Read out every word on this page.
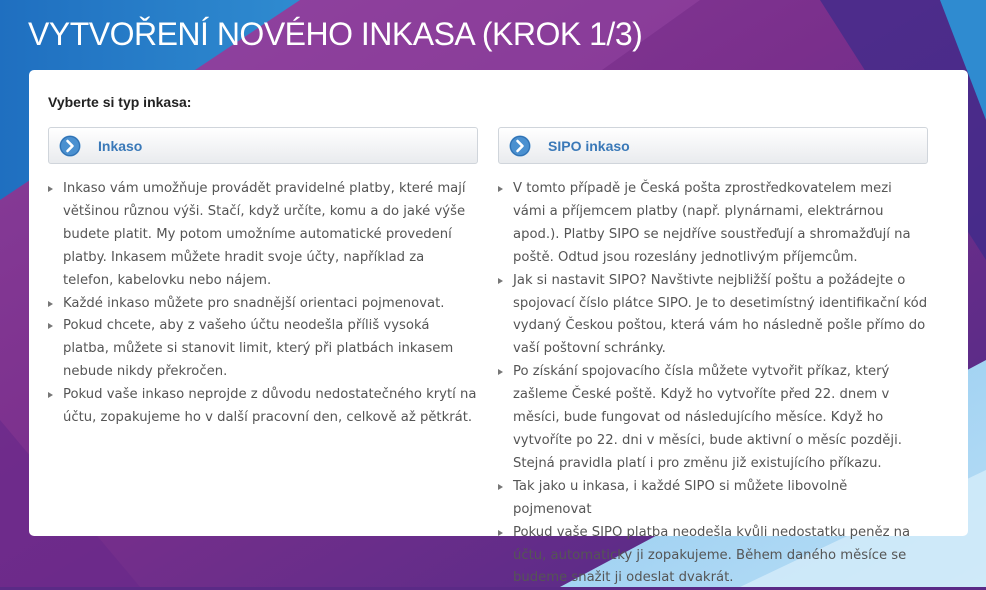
VYTVOŘENÍ NOVÉHO INKASA (KROK 1/3)
Vyberte si typ inkasa:
Inkaso
Inkaso vám umožňuje provádět pravidelné platby, které mají většinou různou výši. Stačí, když určíte, komu a do jaké výše budete platit. My potom umožníme automatické provedení platby. Inkasem můžete hradit svoje účty, například za telefon, kabelovku nebo nájem.
Každé inkaso můžete pro snadnější orientaci pojmenovat.
Pokud chcete, aby z vašeho účtu neodešla příliš vysoká platba, můžete si stanovit limit, který při platbách inkasem nebude nikdy překročen.
Pokud vaše inkaso neprojde z důvodu nedostatečného krytí na účtu, zopakujeme ho v další pracovní den, celkově až pětkrát.
SIPO inkaso
V tomto případě je Česká pošta zprostředkovatelem mezi vámi a příjemcem platby (např. plynárnami, elektrárnou apod.). Platby SIPO se nejdříve soustřeďují a shromažďují na poště. Odtud jsou rozeslány jednotlivým příjemcům.
Jak si nastavit SIPO? Navštivte nejbližší poštu a požádejte o spojovací číslo plátce SIPO. Je to desetimístný identifikační kód vydaný Českou poštou, která vám ho následně pošle přímo do vaší poštovní schránky.
Po získání spojovacího čísla můžete vytvořit příkaz, který zašleme České poště. Když ho vytvoříte před 22. dnem v měsíci, bude fungovat od následujícího měsíce. Když ho vytvoříte po 22. dni v měsíci, bude aktivní o měsíc později. Stejná pravidla platí i pro změnu již existujícího příkazu.
Tak jako u inkasa, i každé SIPO si můžete libovolně pojmenovat
Pokud vaše SIPO platba neodešla kvůli nedostatku peněz na účtu, automaticky ji zopakujeme. Během daného měsíce se budeme snažit ji odeslat dvakrát.
